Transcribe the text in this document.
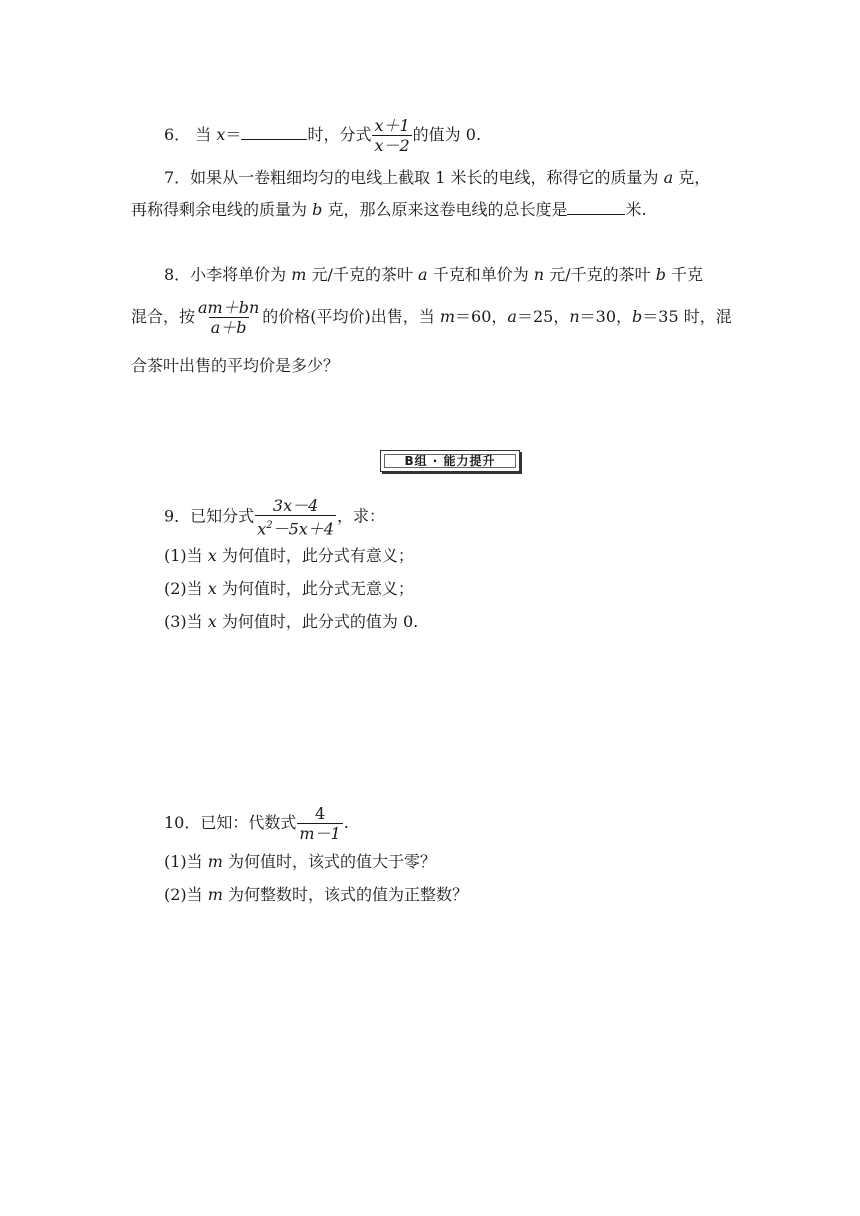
6． 当 x＝	时，分式 $\frac{x+1}{x-2}$ 的值为 0.
7．如果从一卷粗细均匀的电线上截取 1 米长的电线，称得它的质量为 a 克，
再称得剩余电线的质量为 b 克，那么原来这卷电线的总长度是	米.
8．小李将单价为 m 元/千克的茶叶 a 千克和单价为 n 元/千克的茶叶 b 千克
混合，按 $\frac{am+bn}{a+b}$ 的价格(平均价)出售，当 m＝60，a＝25，n＝30，b＝35 时，混
合茶叶出售的平均价是多少？
B组 · 能力提升
9．已知分式 $\frac{3x-4}{x^2-5x+4}$ ，求：
(1)当 x 为何值时，此分式有意义；
(2)当 x 为何值时，此分式无意义；
(3)当 x 为何值时，此分式的值为 0.
10．已知：代数式 $\frac{4}{m-1}$ .
(1)当 m 为何值时，该式的值大于零？
(2)当 m 为何整数时，该式的值为正整数？
